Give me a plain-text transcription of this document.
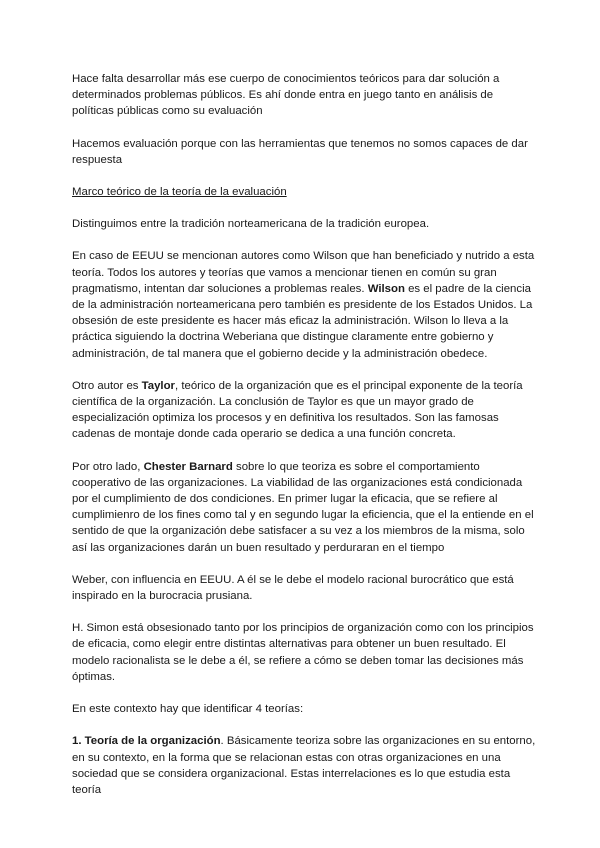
Hace falta desarrollar más ese cuerpo de conocimientos teóricos para dar solución a determinados problemas públicos. Es ahí donde entra en juego tanto en análisis de políticas públicas como su evaluación

Hacemos evaluación porque con las herramientas que tenemos no somos capaces de dar respuesta

Marco teórico de la teoría de la evaluación

Distinguimos entre la tradición norteamericana de la tradición europea.

En caso de EEUU se mencionan autores como Wilson que han beneficiado y nutrido a esta teoría. Todos los autores y teorías que vamos a mencionar tienen en común su gran pragmatismo, intentan dar soluciones a problemas reales. Wilson es el padre de la ciencia de la administración norteamericana pero también es presidente de los Estados Unidos. La obsesión de este presidente es hacer más eficaz la administración. Wilson lo lleva a la práctica siguiendo la doctrina Weberiana que distingue claramente entre gobierno y administración, de tal manera que el gobierno decide y la administración obedece.

Otro autor es Taylor, teórico de la organización que es el principal exponente de la teoría científica de la organización. La conclusión de Taylor es que un mayor grado de especialización optimiza los procesos y en definitiva los resultados. Son las famosas cadenas de montaje donde cada operario se dedica a una función concreta.

Por otro lado, Chester Barnard sobre lo que teoriza es sobre el comportamiento cooperativo de las organizaciones. La viabilidad de las organizaciones está condicionada por el cumplimiento de dos condiciones. En primer lugar la eficacia, que se refiere al cumplimienro de los fines como tal y en segundo lugar la eficiencia, que el la entiende en el sentido de que la organización debe satisfacer a su vez a los miembros de la misma, solo así las organizaciones darán un buen resultado y perduraran en el tiempo

Weber, con influencia en EEUU. A él se le debe el modelo racional burocrático que está inspirado en la burocracia prusiana.

H. Simon está obsesionado tanto por los principios de organización como con los principios de eficacia, como elegir entre distintas alternativas para obtener un buen resultado. El modelo racionalista se le debe a él, se refiere a cómo se deben tomar las decisiones más óptimas.

En este contexto hay que identificar 4 teorías:

1. Teoría de la organización. Básicamente teoriza sobre las organizaciones en su entorno, en su contexto, en la forma que se relacionan estas con otras organizaciones en una sociedad que se considera organizacional. Estas interrelaciones es lo que estudia esta teoría
